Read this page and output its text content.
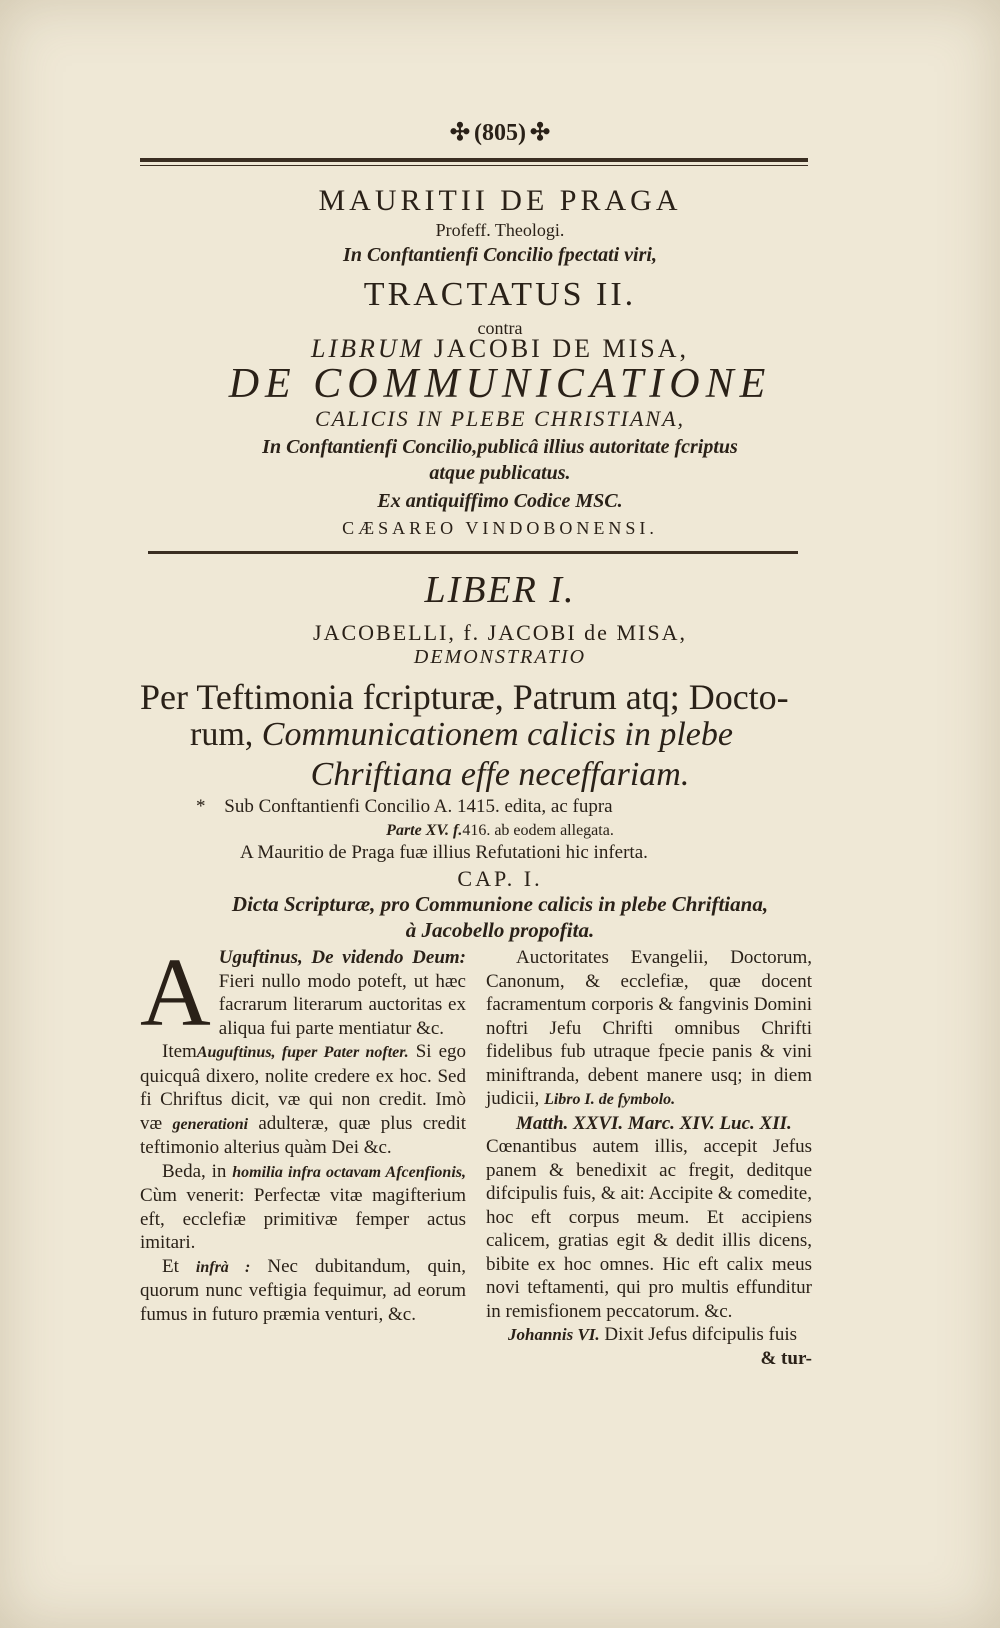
✣ (805) ✣
MAURITII DE PRAGA
Profeff. Theologi.
In Conftantienfi Concilio fpectati viri,
TRACTATUS II.
contra
LIBRUM JACOBI DE MISA,
DE COMMUNICATIONE
CALICIS IN PLEBE CHRISTIANA,
In Conftantienfi Concilio,publicâ illius autoritate fcriptus
atque publicatus.
Ex antiquiffimo Codice MSC.
CÆSAREO VINDOBONENSI.
LIBER I.
JACOBELLI, f. JACOBI de MISA,
DEMONSTRATIO
Per Teftimonia fcripturæ, Patrum atq; Docto-
rum, Communicationem calicis in plebe
Chriftiana effe neceffariam.
* Sub Conftantienfi Concilio A. 1415. edita, ac fupra
Parte XV. f.416. ab eodem allegata.
A Mauritio de Praga fuæ illius Refutationi hic inferta.
CAP. I.
Dicta Scripturæ, pro Communione calicis in plebe Chriftiana,
à Jacobello propofita.

A Uguftinus, De videndo Deum: Fieri nullo modo poteft, ut hæc facrarum literarum auctoritas ex aliqua fui parte mentiatur &c.

ItemAuguftinus, fuper Pater nofter. Si ego quicquâ dixero, nolite credere ex hoc. Sed fi Chriftus dicit, væ qui non credit. Imò væ generationi adulteræ, quæ plus credit teftimonio alterius quàm Dei &c.

Beda, in homilia infra octavam Afcenfionis, Cùm venerit: Perfectæ vitæ magifterium eft, ecclefiæ primitivæ femper actus imitari.

Et infrà : Nec dubitandum, quin, quorum nunc veftigia fequimur, ad eorum fumus in futuro præmia venturi, &c.

Auctoritates Evangelii, Doctorum, Canonum, & ecclefiæ, quæ docent facramentum corporis & fangvinis Domini noftri Jefu Chrifti omnibus Chrifti fidelibus fub utraque fpecie panis & vini miniftranda, debent manere usq; in diem judicii, Libro I. de fymbolo.

Matth. XXVI. Marc. XIV. Luc. XII.

Cœnantibus autem illis, accepit Jefus panem & benedixit ac fregit, deditque difcipulis fuis, & ait: Accipite & comedite, hoc eft corpus meum. Et accipiens calicem, gratias egit & dedit illis dicens, bibite ex hoc omnes. Hic eft calix meus novi teftamenti, qui pro multis effunditur in remisfionem peccatorum. &c.

Johannis VI. Dixit Jefus difcipulis fuis

& tur-
